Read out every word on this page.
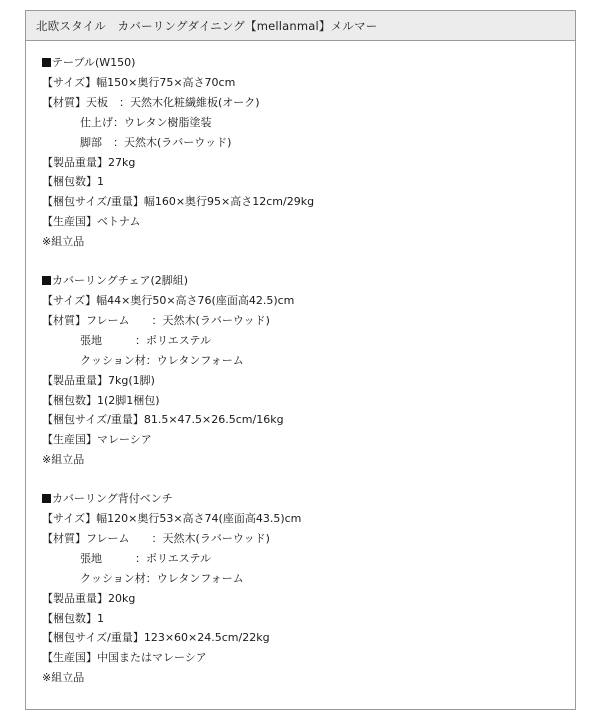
北欧スタイル　カバーリングダイニング【mellanmal】メルマー
テーブル(W150)
【サイズ】幅150×奥行75×高さ70cm
【材質】天板　：天然木化粧繊維板(オーク)
仕上げ：ウレタン樹脂塗装
脚部　：天然木(ラバーウッド)
【製品重量】27kg
【梱包数】1
【梱包サイズ/重量】幅160×奥行95×高さ12cm/29kg
【生産国】ベトナム
※組立品
カバーリングチェア(2脚組)
【サイズ】幅44×奥行50×高さ76(座面高42.5)cm
【材質】フレーム　　：天然木(ラバーウッド)
張地　　　：ポリエステル
クッション材：ウレタンフォーム
【製品重量】7kg(1脚)
【梱包数】1(2脚1梱包)
【梱包サイズ/重量】81.5×47.5×26.5cm/16kg
【生産国】マレーシア
※組立品
カバーリング背付ベンチ
【サイズ】幅120×奥行53×高さ74(座面高43.5)cm
【材質】フレーム　　：天然木(ラバーウッド)
張地　　　：ポリエステル
クッション材：ウレタンフォーム
【製品重量】20kg
【梱包数】1
【梱包サイズ/重量】123×60×24.5cm/22kg
【生産国】中国またはマレーシア
※組立品
